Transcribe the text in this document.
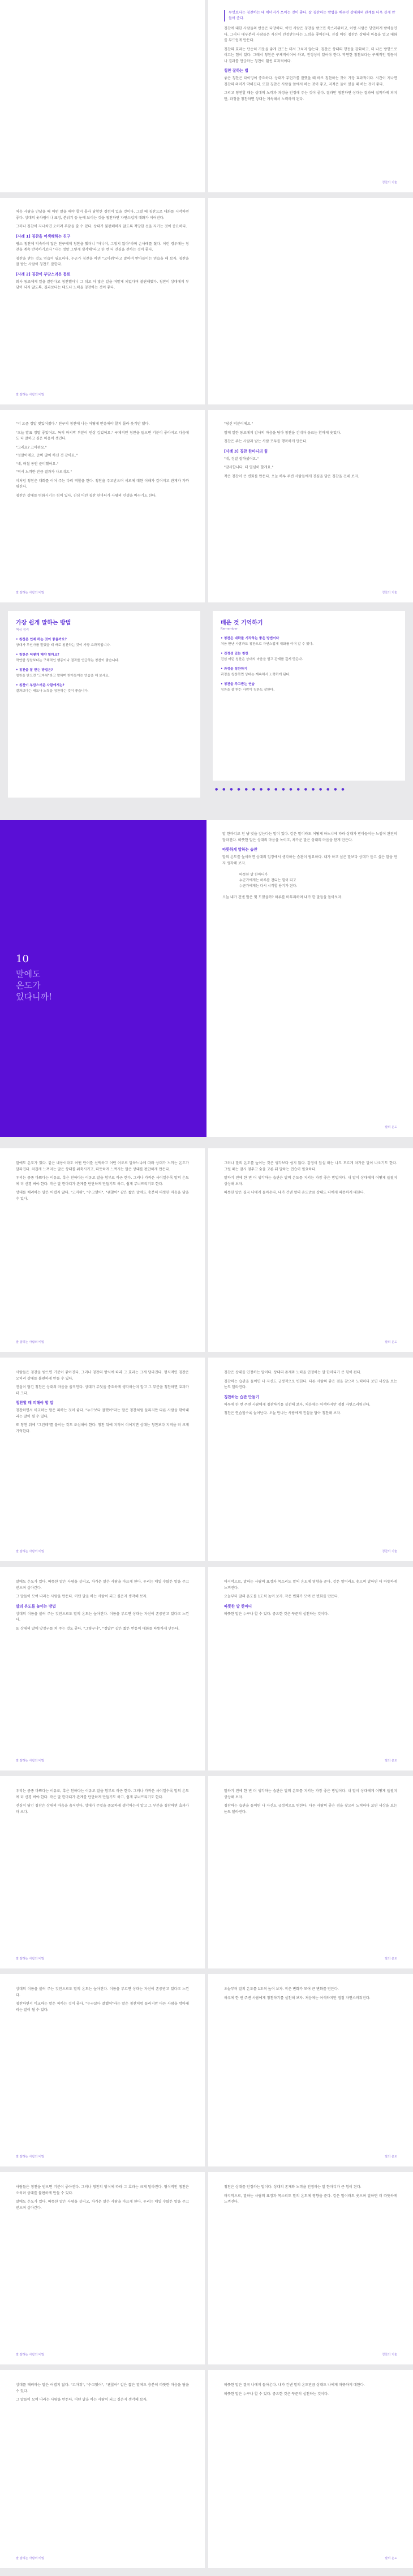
무엇보다는 칭찬하는 데 에너지가 쓰이는 것이 좋다. 잘 칭찬하는 방법을 배우면 상대와의 관계를 더욱 깊게 만들어 준다.

칭찬에 대한 사람들의 반응은 다양하다. 어떤 사람은 칭찬을 받으면 쑥스러워하고, 어떤 사람은 당연하게 받아들인다. 그러나 대부분의 사람들은 자신이 인정받는다는 느낌을 좋아한다. 진심 어린 칭찬은 상대의 마음을 열고 대화를 부드럽게 만든다.

칭찬의 효과는 단순히 기분을 좋게 만드는 데서 그치지 않는다. 칭찬은 상대의 행동을 강화하고, 더 나은 방향으로 이끄는 힘이 있다. 그래서 칭찬은 구체적이어야 하고, 진정성이 있어야 한다. 막연한 칭찬보다는 구체적인 행동이나 결과를 언급하는 칭찬이 훨씬 효과적이다.

칭찬 잘하는 법

좋은 칭찬은 타이밍이 중요하다. 상대가 무언가를 잘했을 때 바로 칭찬하는 것이 가장 효과적이다. 시간이 지나면 칭찬의 의미가 약해진다. 또한 칭찬은 사람들 앞에서 하는 것이 좋고, 지적은 둘이 있을 때 하는 것이 좋다.

그리고 칭찬할 때는 상대의 노력과 과정을 인정해 주는 것이 좋다. 결과만 칭찬하면 상대는 결과에 집착하게 되지만, 과정을 칭찬하면 상대는 계속해서 노력하게 된다.

칭찬의 기술

처음 사람을 만났을 때 어떤 말을 해야 할지 몰라 당황한 경험이 있을 것이다. 그럴 때 칭찬으로 대화를 시작하면 좋다. 상대의 옷차림이나 표정, 분위기 등 눈에 보이는 것을 칭찬하면 자연스럽게 대화가 이어진다.

그러나 칭찬이 지나치면 오히려 부담을 줄 수 있다. 상대가 불편해하지 않도록 적당한 선을 지키는 것이 중요하다.

[사례 1] 칭찬을 어색해하는 친구

평소 칭찬에 익숙하지 않은 친구에게 칭찬을 했더니 "아니야, 그렇지 않아"라며 손사래를 쳤다. 이런 경우에는 칭찬을 계속 반복하기보다 "나는 정말 그렇게 생각해"라고 한 번 더 진심을 전하는 것이 좋다.

칭찬을 받는 것도 연습이 필요하다. 누군가 칭찬을 하면 "고마워"라고 말하며 받아들이는 연습을 해 보자. 칭찬을 잘 받는 사람이 칭찬도 잘한다.

[사례 2] 칭찬이 부담스러운 동료

회사 동료에게 일을 잘한다고 칭찬했더니 그 뒤로 더 많은 일을 떠맡게 되었다며 불편해했다. 칭찬이 상대에게 부담이 되지 않도록, 결과보다는 태도나 노력을 칭찬하는 것이 좋다.

말 잘하는 사람의 비밀

"너 요즘 정말 멋있어졌다." 친구의 칭찬에 나는 어떻게 반응해야 할지 몰라 웃기만 했다.

"오늘 발표 정말 좋았어요. 특히 마지막 부분이 인상 깊었어요." 구체적인 칭찬을 들으면 기분이 좋아지고 다음에도 더 잘하고 싶은 마음이 생긴다.

"그래요? 고마워요."

"정말이에요. 준비 많이 하신 것 같아요."

"네, 며칠 동안 준비했어요."

"역시 노력한 만큼 결과가 나오네요."

이처럼 칭찬은 대화를 이어 주는 다리 역할을 한다. 칭찬을 주고받으며 서로에 대한 이해가 깊어지고 관계가 가까워진다.

칭찬은 상대를 변화시키는 힘이 있다. 진심 어린 칭찬 한마디가 사람의 인생을 바꾸기도 한다.

말 잘하는 사람의 비밀

"당신 덕분이에요."

함께 일한 동료에게 감사의 마음을 담아 칭찬을 건네자 동료는 환하게 웃었다.

칭찬은 주는 사람과 받는 사람 모두를 행복하게 만든다.

[사례 3] 칭찬 한마디의 힘

"네, 정말 잘하셨어요."

"감사합니다. 더 열심히 할게요."

작은 칭찬이 큰 변화를 만든다. 오늘 하루 주변 사람들에게 진심을 담은 칭찬을 건네 보자.

칭찬의 기술
가장 쉽게 말하는 방법
핵심 정리
• 칭찬은 언제 하는 것이 좋을까요?
상대가 무언가를 잘했을 때 바로 칭찬하는 것이 가장 효과적입니다.
• 칭찬은 어떻게 해야 할까요?
막연한 칭찬보다는 구체적인 행동이나 결과를 언급하는 칭찬이 좋습니다.
• 칭찬을 잘 받는 방법은?
칭찬을 받으면 "고마워"라고 말하며 받아들이는 연습을 해 보세요.
• 칭찬이 부담스러운 사람에게는?
결과보다는 태도나 노력을 칭찬하는 것이 좋습니다.
배운 것 기억하기
Remember
• 칭찬은 대화를 시작하는 좋은 방법이다
처음 만난 사람과도 칭찬으로 자연스럽게 대화를 이어 갈 수 있다.
• 진정성 있는 칭찬
진심 어린 칭찬은 상대의 마음을 열고 관계를 깊게 만든다.
• 과정을 칭찬하기
과정을 칭찬하면 상대는 계속해서 노력하게 된다.
• 칭찬을 주고받는 연습
칭찬을 잘 받는 사람이 칭찬도 잘한다.
● ● ● ● ● ● ● ● ● ● ● ● ● ● ● ● ● ●
10
말에도
온도가
있다니까!

말 한마디로 천 냥 빚을 갚는다는 말이 있다. 같은 말이라도 어떻게 하느냐에 따라 상대가 받아들이는 느낌이 완전히 달라진다. 따뜻한 말은 상대의 마음을 녹이고, 차가운 말은 상대의 마음을 닫게 만든다.

따뜻하게 말하는 습관

말의 온도를 높이려면 상대의 입장에서 생각하는 습관이 필요하다. 내가 하고 싶은 말보다 상대가 듣고 싶은 말을 먼저 생각해 보자.

따뜻한 말 한마디가
누군가에게는 하루를 견디는 힘이 되고
누군가에게는 다시 시작할 용기가 된다.

오늘 내가 건넨 말은 몇 도였을까? 하루를 마무리하며 내가 한 말들을 돌아보자.

말의 온도

말에도 온도가 있다. 같은 내용이라도 어떤 단어를 선택하고 어떤 어조로 말하느냐에 따라 상대가 느끼는 온도가 달라진다. 차갑게 느껴지는 말은 상대를 위축시키고, 따뜻하게 느껴지는 말은 상대를 편안하게 만든다.

우리는 종종 바쁘다는 이유로, 혹은 친하다는 이유로 말을 함부로 하곤 한다. 그러나 가까운 사이일수록 말의 온도에 더 신경 써야 한다. 작은 말 한마디가 관계를 단단하게 만들기도 하고, 쉽게 무너뜨리기도 한다.

상대를 배려하는 말은 어렵지 않다. "고마워", "수고했어", "괜찮아" 같은 짧은 말에도 충분히 따뜻한 마음을 담을 수 있다.

말 잘하는 사람의 비밀

그러나 말의 온도를 높이는 것은 생각보다 쉽지 않다. 감정이 앞설 때는 나도 모르게 차가운 말이 나오기도 한다. 그럴 때는 잠시 멈추고 숨을 고른 뒤 말하는 연습이 필요하다.

말하기 전에 한 번 더 생각하는 습관은 말의 온도를 지키는 가장 좋은 방법이다. 내 말이 상대에게 어떻게 들릴지 상상해 보자.

따뜻한 말은 결국 나에게 돌아온다. 내가 건넨 말의 온도만큼 상대도 나에게 따뜻하게 대한다.

말의 온도

사람들은 칭찬을 받으면 기분이 좋아진다. 그러나 칭찬의 방식에 따라 그 효과는 크게 달라진다. 형식적인 칭찬은 오히려 상대를 불편하게 만들 수 있다.

진심이 담긴 칭찬은 상대의 마음을 움직인다. 상대가 무엇을 중요하게 생각하는지 알고 그 부분을 칭찬하면 효과가 더 크다.

칭찬할 때 피해야 할 말

칭찬하면서 비교하는 말은 피하는 것이 좋다. "누구보다 잘했어"라는 말은 칭찬처럼 들리지만 다른 사람을 깎아내리는 말이 될 수 있다.

또 칭찬 뒤에 "그런데"를 붙이는 것도 조심해야 한다. 칭찬 뒤에 지적이 이어지면 상대는 칭찬보다 지적을 더 크게 기억한다.

말 잘하는 사람의 비밀

칭찬은 상대를 인정하는 말이다. 상대의 존재와 노력을 인정하는 말 한마디가 큰 힘이 된다.

칭찬하는 습관을 들이면 나 자신도 긍정적으로 변한다. 다른 사람의 좋은 점을 찾으려 노력하다 보면 세상을 보는 눈도 달라진다.

칭찬하는 습관 만들기

하루에 한 번 주변 사람에게 칭찬하기를 실천해 보자. 처음에는 어색하지만 점점 자연스러워진다.

칭찬은 연습할수록 늘어난다. 오늘 만나는 사람에게 진심을 담아 칭찬해 보자.

칭찬의 기술

말에도 온도가 있다. 따뜻한 말은 사람을 살리고, 차가운 말은 사람을 아프게 한다. 우리는 매일 수많은 말을 주고받으며 살아간다.

그 말들이 모여 나라는 사람을 만든다. 어떤 말을 하는 사람이 되고 싶은지 생각해 보자.

말의 온도를 높이는 방법

상대의 이름을 불러 주는 것만으로도 말의 온도는 높아진다. 이름을 부르면 상대는 자신이 존중받고 있다고 느낀다.

또 상대의 말에 맞장구를 쳐 주는 것도 좋다. "그렇구나", "정말?" 같은 짧은 반응이 대화를 따뜻하게 만든다.

말 잘하는 사람의 비밀

마지막으로, 말하는 사람의 표정과 목소리도 말의 온도에 영향을 준다. 같은 말이라도 웃으며 말하면 더 따뜻하게 느껴진다.

오늘부터 말의 온도를 1도씩 높여 보자. 작은 변화가 모여 큰 변화를 만든다.

따뜻한 말 한마디

따뜻한 말은 누구나 할 수 있다. 중요한 것은 꾸준히 실천하는 것이다.

말의 온도

우리는 종종 바쁘다는 이유로, 혹은 친하다는 이유로 말을 함부로 하곤 한다. 그러나 가까운 사이일수록 말의 온도에 더 신경 써야 한다. 작은 말 한마디가 관계를 단단하게 만들기도 하고, 쉽게 무너뜨리기도 한다.

진심이 담긴 칭찬은 상대의 마음을 움직인다. 상대가 무엇을 중요하게 생각하는지 알고 그 부분을 칭찬하면 효과가 더 크다.

말 잘하는 사람의 비밀

말하기 전에 한 번 더 생각하는 습관은 말의 온도를 지키는 가장 좋은 방법이다. 내 말이 상대에게 어떻게 들릴지 상상해 보자.

칭찬하는 습관을 들이면 나 자신도 긍정적으로 변한다. 다른 사람의 좋은 점을 찾으려 노력하다 보면 세상을 보는 눈도 달라진다.

말의 온도

상대의 이름을 불러 주는 것만으로도 말의 온도는 높아진다. 이름을 부르면 상대는 자신이 존중받고 있다고 느낀다.

칭찬하면서 비교하는 말은 피하는 것이 좋다. "누구보다 잘했어"라는 말은 칭찬처럼 들리지만 다른 사람을 깎아내리는 말이 될 수 있다.

말 잘하는 사람의 비밀

오늘부터 말의 온도를 1도씩 높여 보자. 작은 변화가 모여 큰 변화를 만든다.

하루에 한 번 주변 사람에게 칭찬하기를 실천해 보자. 처음에는 어색하지만 점점 자연스러워진다.

말의 온도

사람들은 칭찬을 받으면 기분이 좋아진다. 그러나 칭찬의 방식에 따라 그 효과는 크게 달라진다. 형식적인 칭찬은 오히려 상대를 불편하게 만들 수 있다.

말에도 온도가 있다. 따뜻한 말은 사람을 살리고, 차가운 말은 사람을 아프게 한다. 우리는 매일 수많은 말을 주고받으며 살아간다.

말 잘하는 사람의 비밀

칭찬은 상대를 인정하는 말이다. 상대의 존재와 노력을 인정하는 말 한마디가 큰 힘이 된다.

마지막으로, 말하는 사람의 표정과 목소리도 말의 온도에 영향을 준다. 같은 말이라도 웃으며 말하면 더 따뜻하게 느껴진다.

칭찬의 기술

상대를 배려하는 말은 어렵지 않다. "고마워", "수고했어", "괜찮아" 같은 짧은 말에도 충분히 따뜻한 마음을 담을 수 있다.

그 말들이 모여 나라는 사람을 만든다. 어떤 말을 하는 사람이 되고 싶은지 생각해 보자.

말 잘하는 사람의 비밀

따뜻한 말은 결국 나에게 돌아온다. 내가 건넨 말의 온도만큼 상대도 나에게 따뜻하게 대한다.

따뜻한 말은 누구나 할 수 있다. 중요한 것은 꾸준히 실천하는 것이다.

말의 온도
